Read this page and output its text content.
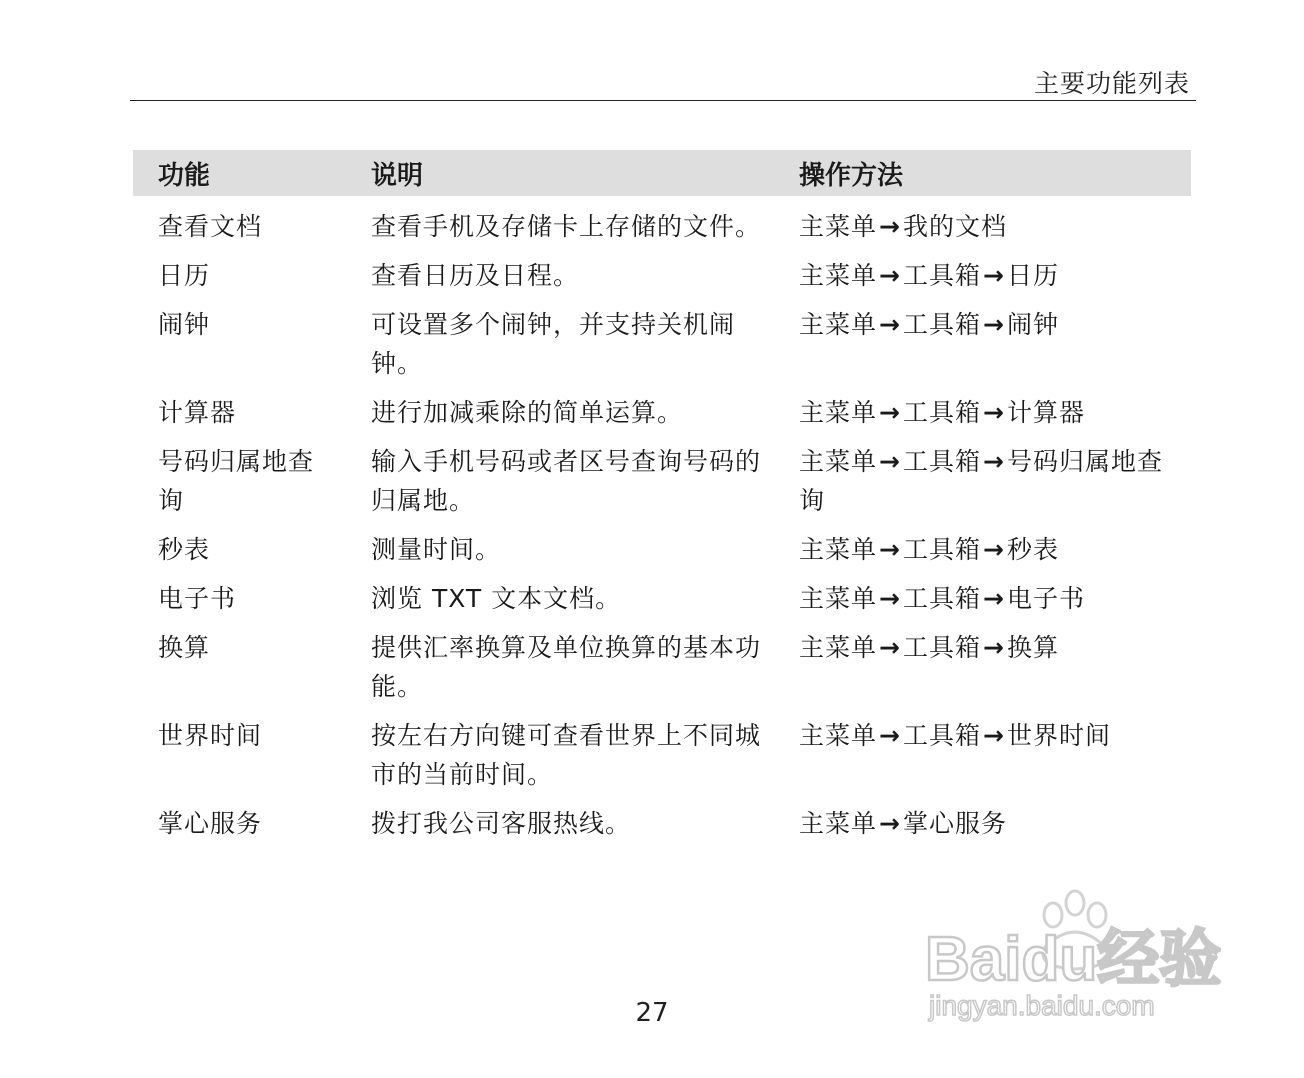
主要功能列表
功能	说明	操作方法
查看文档	查看手机及存储卡上存储的文件。	主菜单→我的文档
日历	查看日历及日程。	主菜单→工具箱→日历
闹钟	可设置多个闹钟，并支持关机闹钟。	主菜单→工具箱→闹钟
计算器	进行加减乘除的简单运算。	主菜单→工具箱→计算器
号码归属地查询	输入手机号码或者区号查询号码的归属地。	主菜单→工具箱→号码归属地查询
秒表	测量时间。	主菜单→工具箱→秒表
电子书	浏览 TXT 文本文档。	主菜单→工具箱→电子书
换算	提供汇率换算及单位换算的基本功能。	主菜单→工具箱→换算
世界时间	按左右方向键可查看世界上不同城市的当前时间。	主菜单→工具箱→世界时间
掌心服务	拨打我公司客服热线。	主菜单→掌心服务
27
Baidu经验
jingyan.baidu.com
